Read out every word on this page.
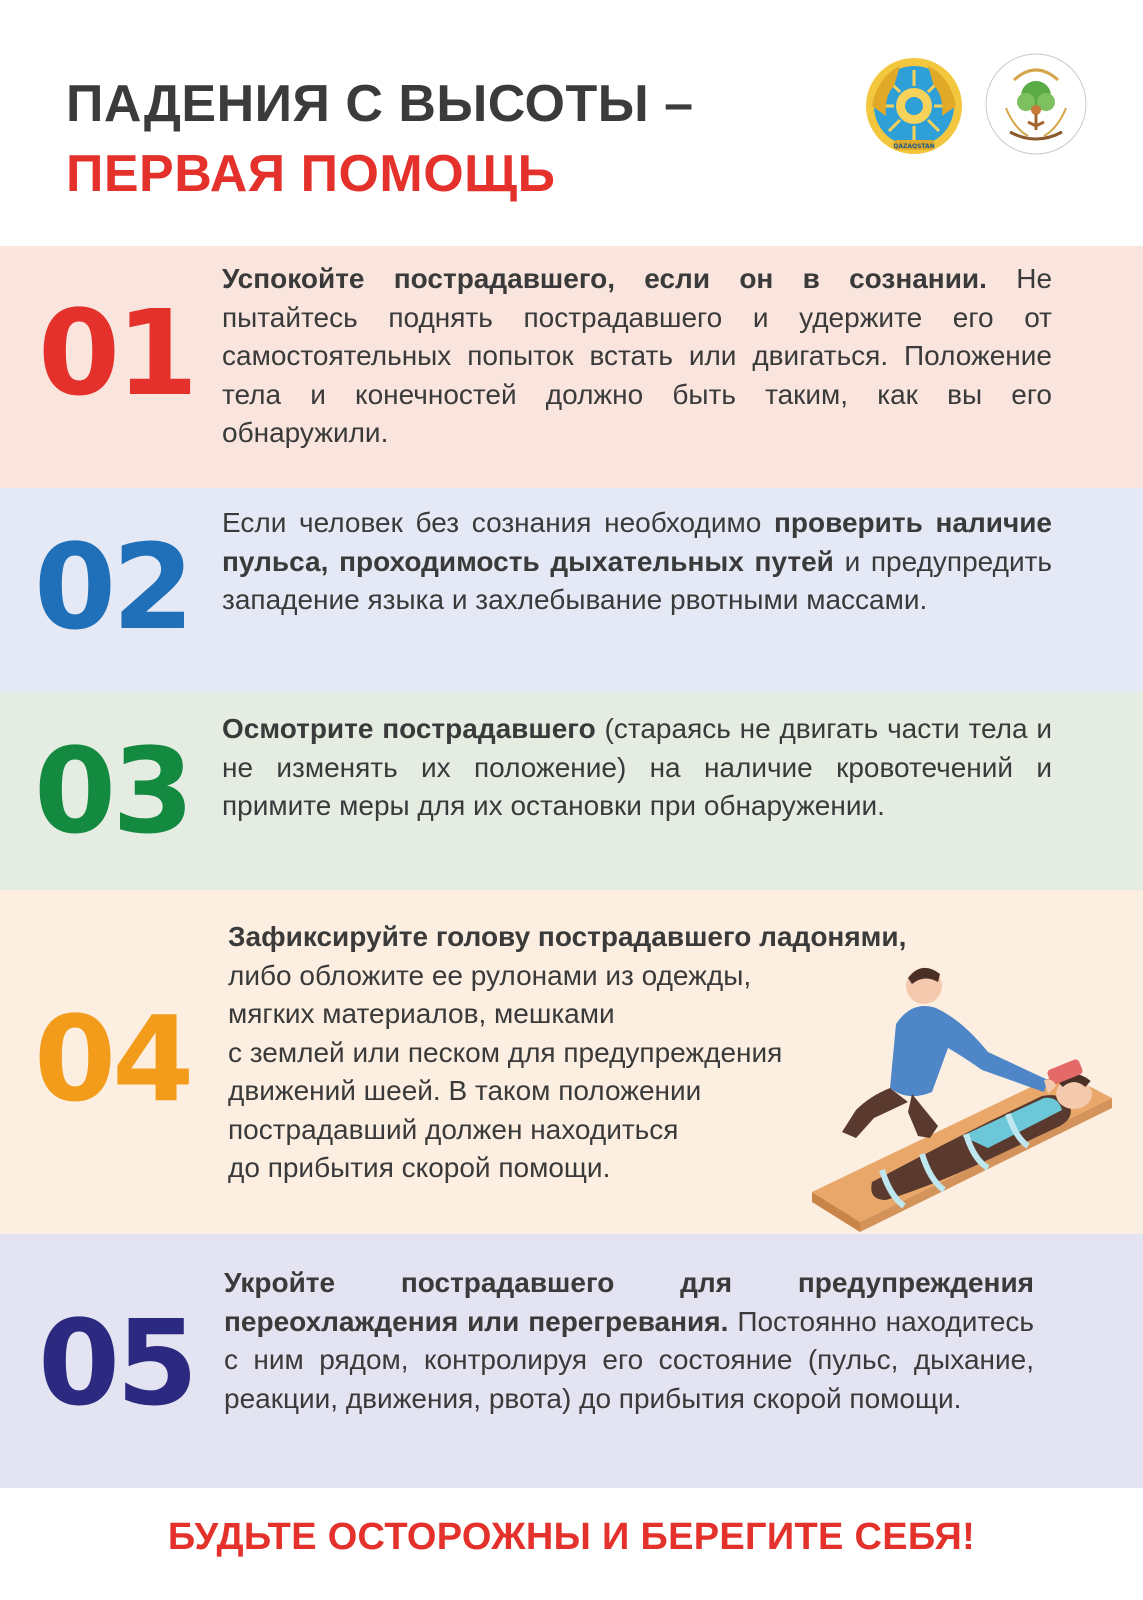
ПАДЕНИЯ С ВЫСОТЫ –
ПЕРВАЯ ПОМОЩЬ	QAZAQSTAN
01
Успокойте пострадавшего, если он в сознании. Не пытайтесь поднять пострадавшего и удержите его от самостоятельных попыток встать или двигаться. Положение тела и конечностей должно быть таким, как вы его обнаружили.
02 Если человек без сознания необходимо проверить наличие пульса, проходимость дыхательных путей и предупредить западение языка и захлебывание рвотными массами.
03 Осмотрите пострадавшего (стараясь не двигать части тела и не изменять их положение) на наличие кровотечений и примите меры для их остановки при обнаружении.
04
Зафиксируйте голову пострадавшего ладонями,
либо обложите ее рулонами из одежды,
мягких материалов, мешками
с землей или песком для предупреждения
движений шеей. В таком положении
пострадавший должен находиться
до прибытия скорой помощи.
05
Укройте пострадавшего для предупреждения переохлаждения или перегревания. Постоянно находитесь с ним рядом, контролируя его состояние (пульс, дыхание, реакции, движения, рвота) до прибытия скорой помощи.
БУДЬТЕ ОСТОРОЖНЫ И БЕРЕГИТЕ СЕБЯ!
